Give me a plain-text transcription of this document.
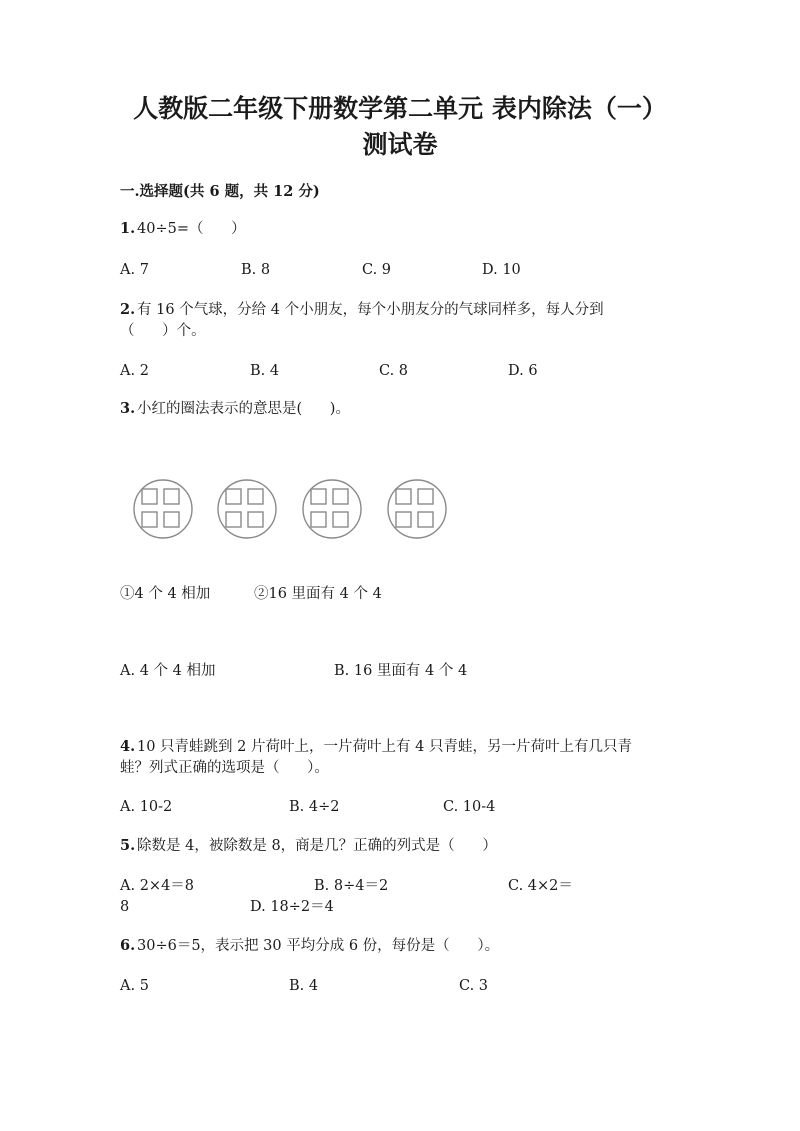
人教版二年级下册数学第二单元 表内除法（一）
测试卷
一.选择题(共 6 题，共 12 分)
1. 40÷5=（      ）
A. 7	B. 8	C. 9	D. 10
2. 有 16 个气球，分给 4 个小朋友，每个小朋友分的气球同样多，每人分到
（      ）个。
A. 2	B. 4	C. 8	D. 6
3. 小红的圈法表示的意思是(      )。
①4 个 4 相加	②16 里面有 4 个 4
A. 4 个 4 相加	B. 16 里面有 4 个 4
4. 10 只青蛙跳到 2 片荷叶上，一片荷叶上有 4 只青蛙，另一片荷叶上有几只青
蛙？列式正确的选项是（      ）。
A. 10-2	B. 4÷2	C. 10-4
5. 除数是 4，被除数是 8，商是几？正确的列式是（      ）
A. 2×4＝8	B. 8÷4＝2	C. 4×2＝
8	D. 18÷2＝4
6. 30÷6＝5，表示把 30 平均分成 6 份，每份是（      ）。
A. 5	B. 4	C. 3
